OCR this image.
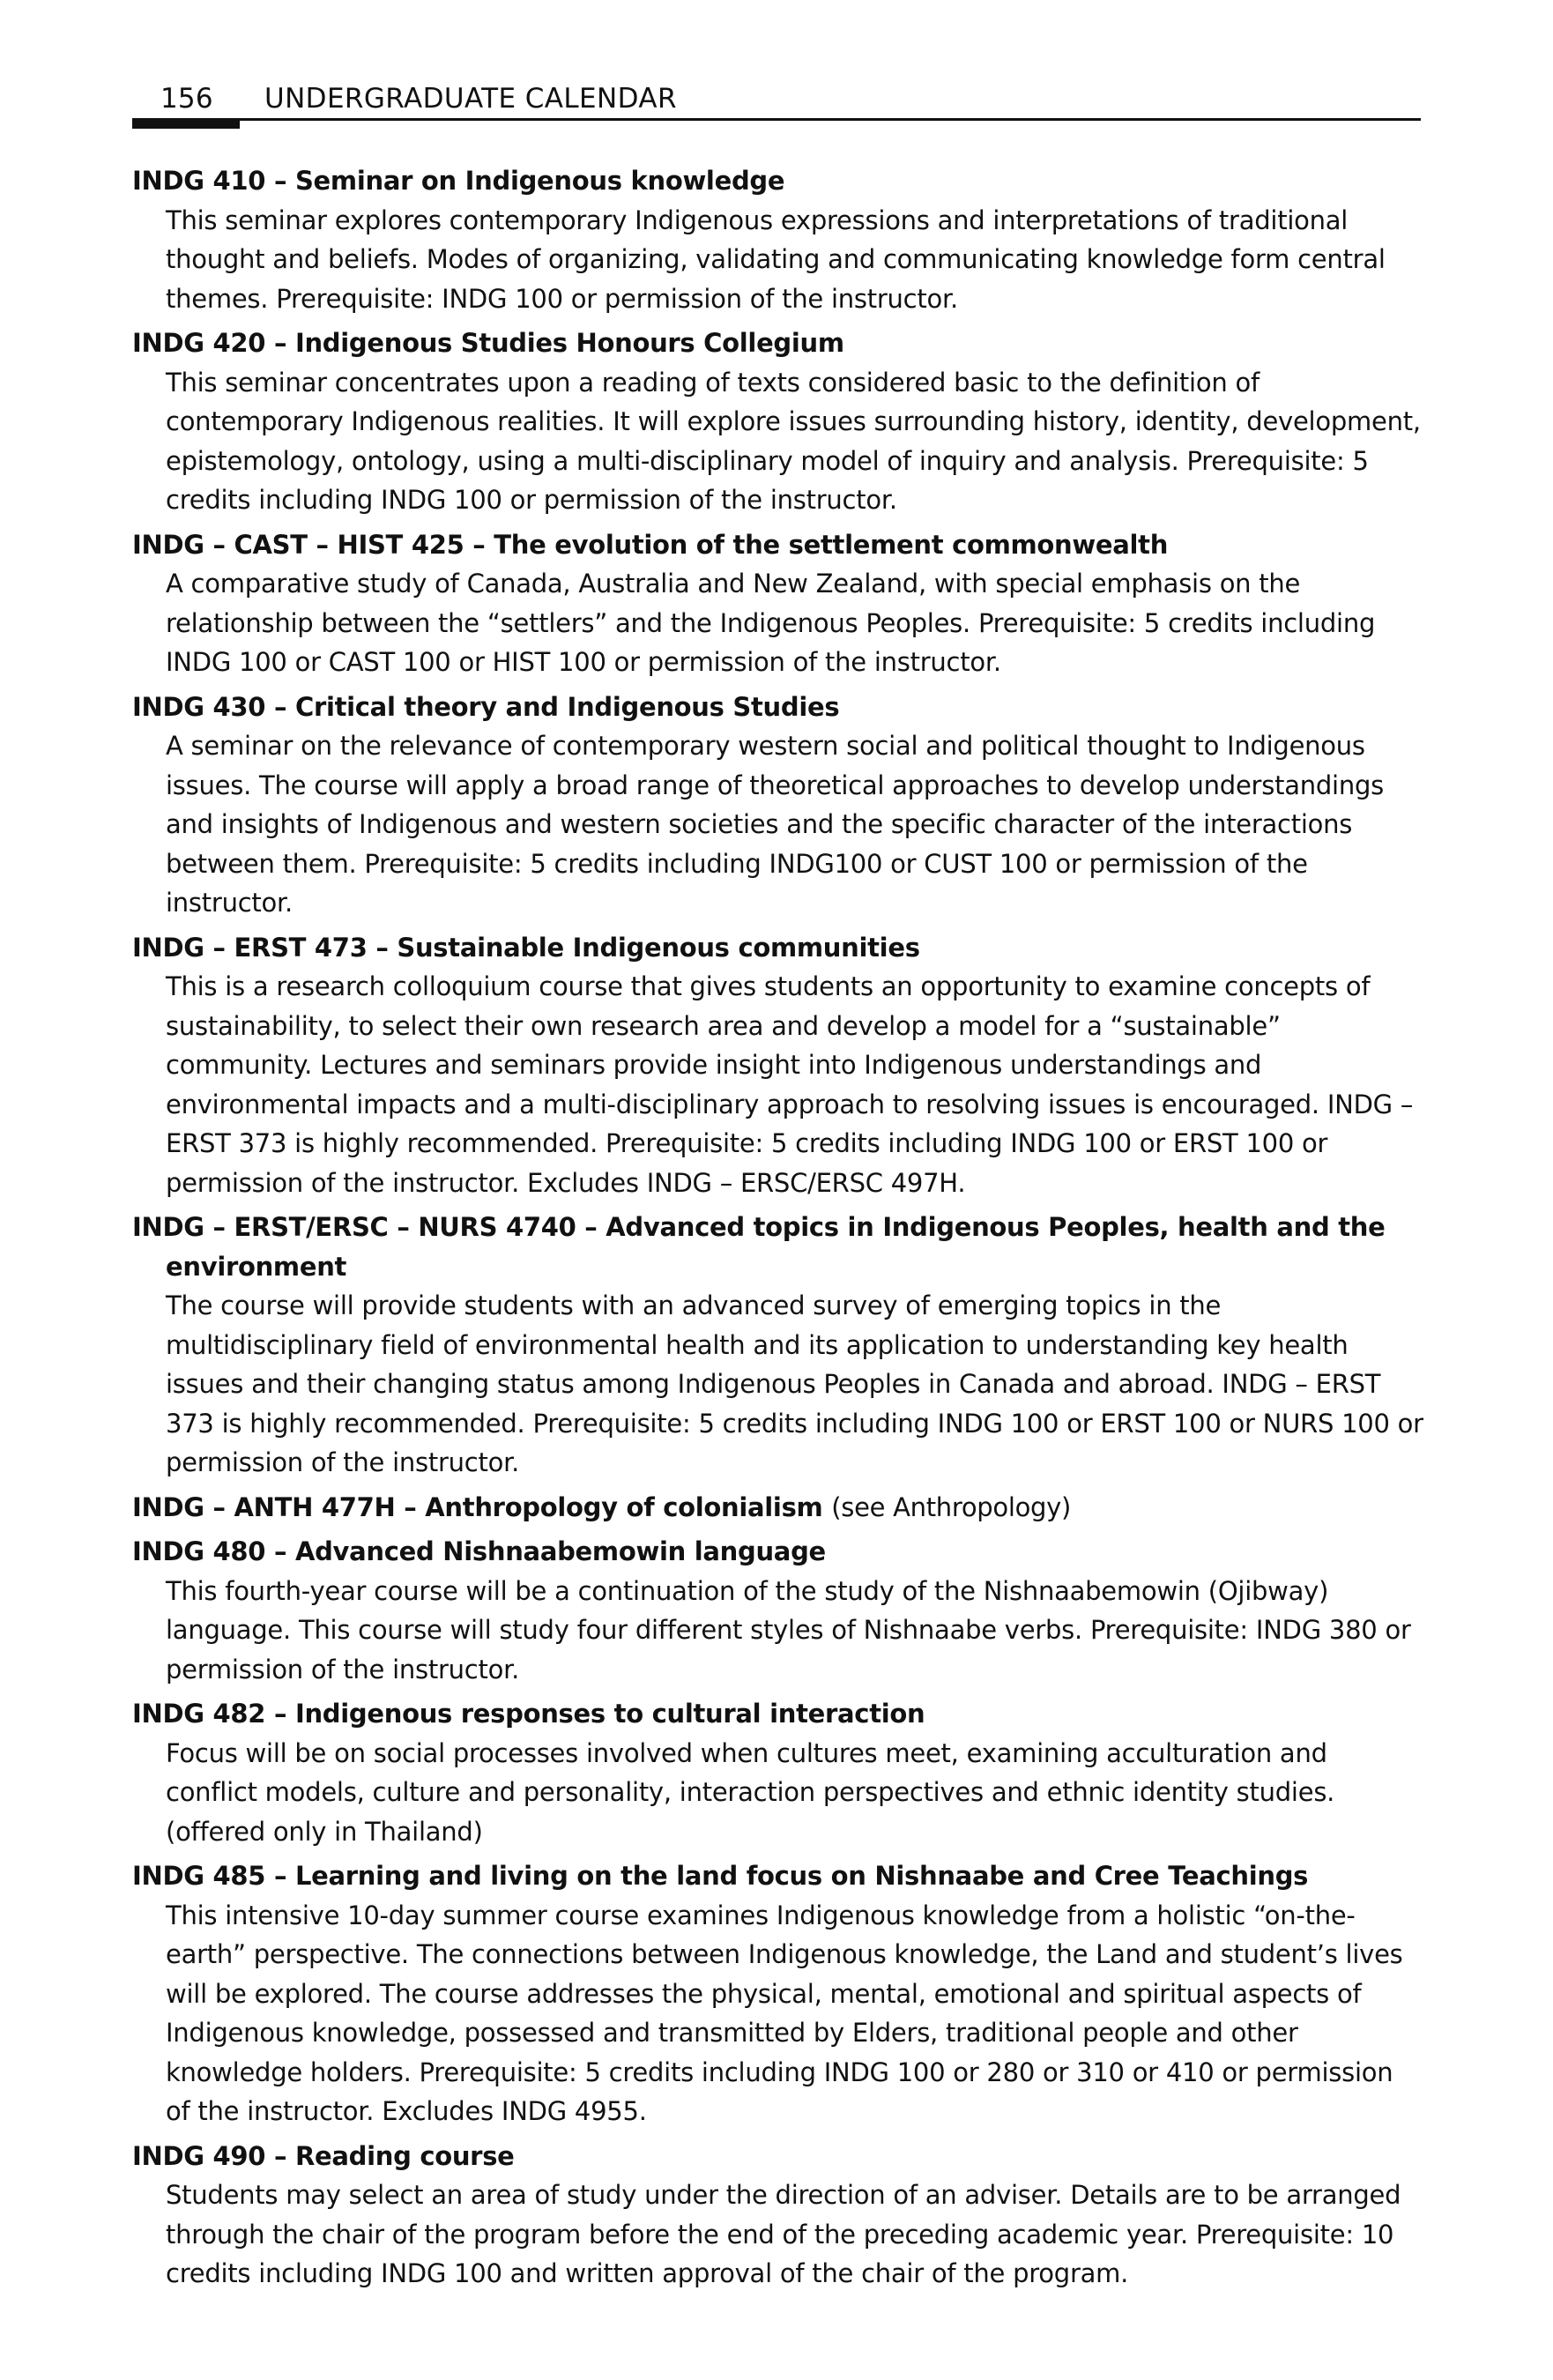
156 UNDERGRADUATE CALENDAR

INDG 410 – Seminar on Indigenous knowledge

This seminar explores contemporary Indigenous expressions and interpretations of traditional thought and beliefs. Modes of organizing, validating and communicating knowledge form central themes. Prerequisite: INDG 100 or permission of the instructor.

INDG 420 – Indigenous Studies Honours Collegium

This seminar concentrates upon a reading of texts considered basic to the definition of contemporary Indigenous realities. It will explore issues surrounding history, identity, development, epistemology, ontology, using a multi-disciplinary model of inquiry and analysis. Prerequisite: 5 credits including INDG 100 or permission of the instructor.

INDG – CAST – HIST 425 – The evolution of the settlement commonwealth

A comparative study of Canada, Australia and New Zealand, with special emphasis on the relationship between the “settlers” and the Indigenous Peoples. Prerequisite: 5 credits including INDG 100 or CAST 100 or HIST 100 or permission of the instructor.

INDG 430 – Critical theory and Indigenous Studies

A seminar on the relevance of contemporary western social and political thought to Indigenous issues. The course will apply a broad range of theoretical approaches to develop understandings and insights of Indigenous and western societies and the specific character of the interactions between them. Prerequisite: 5 credits including INDG100 or CUST 100 or permission of the instructor.

INDG – ERST 473 – Sustainable Indigenous communities

This is a research colloquium course that gives students an opportunity to examine concepts of sustainability, to select their own research area and develop a model for a “sustainable” community. Lectures and seminars provide insight into Indigenous understandings and environmental impacts and a multi-disciplinary approach to resolving issues is encouraged. INDG – ERST 373 is highly recommended. Prerequisite: 5 credits including INDG 100 or ERST 100 or permission of the instructor. Excludes INDG – ERSC/ERSC 497H.

INDG – ERST/ERSC – NURS 4740 – Advanced topics in Indigenous Peoples, health and the environment

The course will provide students with an advanced survey of emerging topics in the multidisciplinary field of environmental health and its application to understanding key health issues and their changing status among Indigenous Peoples in Canada and abroad. INDG – ERST 373 is highly recommended. Prerequisite: 5 credits including INDG 100 or ERST 100 or NURS 100 or permission of the instructor.

INDG – ANTH 477H – Anthropology of colonialism (see Anthropology)

INDG 480 – Advanced Nishnaabemowin language

This fourth-year course will be a continuation of the study of the Nishnaabemowin (Ojibway) language. This course will study four different styles of Nishnaabe verbs. Prerequisite: INDG 380 or permission of the instructor.

INDG 482 – Indigenous responses to cultural interaction

Focus will be on social processes involved when cultures meet, examining acculturation and conflict models, culture and personality, interaction perspectives and ethnic identity studies. (offered only in Thailand)

INDG 485 – Learning and living on the land focus on Nishnaabe and Cree Teachings

This intensive 10-day summer course examines Indigenous knowledge from a holistic “on-the-earth” perspective. The connections between Indigenous knowledge, the Land and student’s lives will be explored. The course addresses the physical, mental, emotional and spiritual aspects of Indigenous knowledge, possessed and transmitted by Elders, traditional people and other knowledge holders. Prerequisite: 5 credits including INDG 100 or 280 or 310 or 410 or permission of the instructor. Excludes INDG 4955.

INDG 490 – Reading course

Students may select an area of study under the direction of an adviser. Details are to be arranged through the chair of the program before the end of the preceding academic year. Prerequisite: 10 credits including INDG 100 and written approval of the chair of the program.
